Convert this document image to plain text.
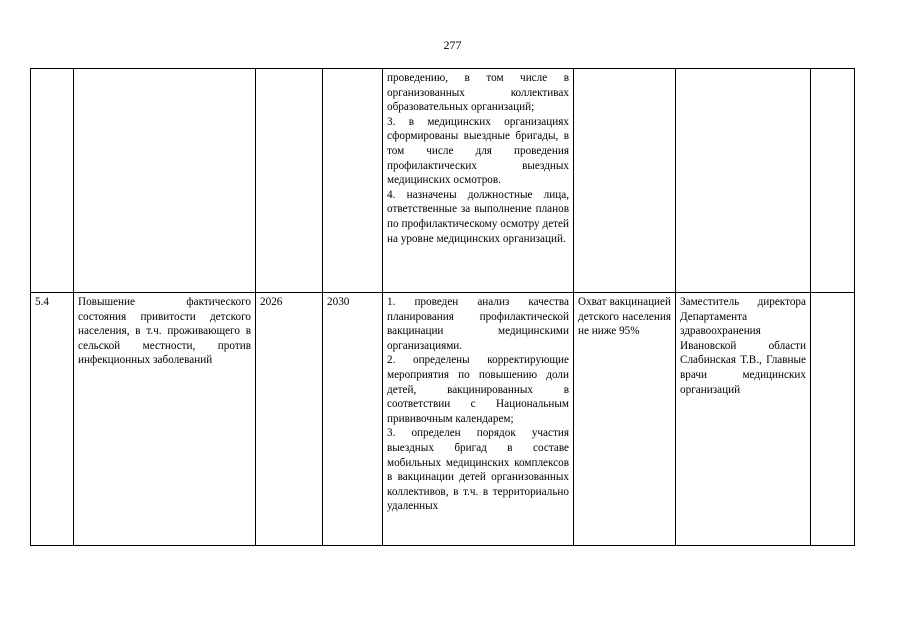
277

				проведению, в том числе в организованных коллективах образовательных организаций;
3. в медицинских организациях сформированы выездные бригады, в том числе для проведения профилактических выездных медицинских осмотров.
4. назначены должностные лица, ответственные за выполнение планов по профилактическому осмотру детей на уровне медицинских организаций.			

5.4	Повышение фактического состояния привитости детского населения, в т.ч. проживающего в сельской местности, против инфекционных заболеваний	2026	2030	1. проведен анализ качества планирования профилактической вакцинации медицинскими организациями.
2. определены корректирующие мероприятия по повышению доли детей, вакцинированных в соответствии с Национальным прививочным календарем;
3. определен порядок участия выездных бригад в составе мобильных медицинских комплексов в вакцинации детей организованных коллективов, в т.ч. в территориально удаленных	Охват вакцинацией детского населения не ниже 95%	Заместитель директора Департамента здравоохранения Ивановской области Слабинская Т.В., Главные врачи медицинских организаций	
